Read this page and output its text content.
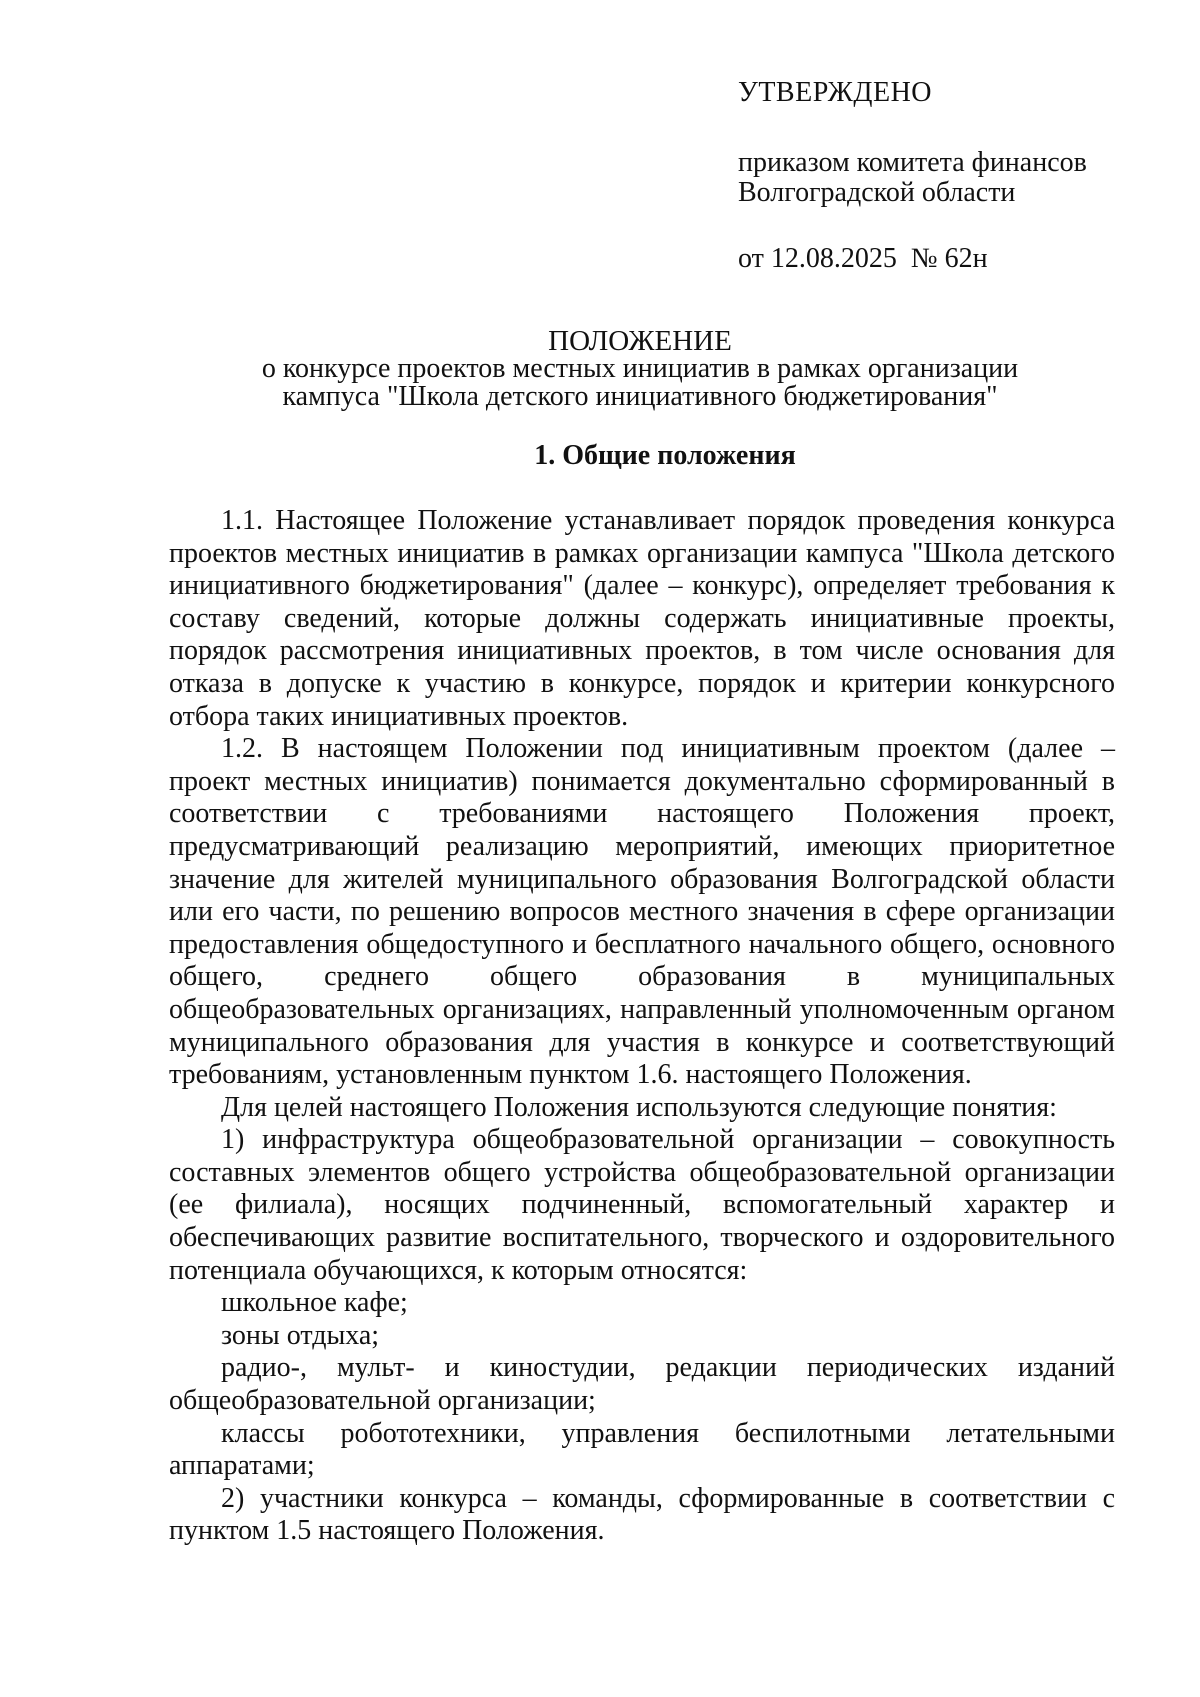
УТВЕРЖДЕНО

приказом комитета финансов
Волгоградской области

от 12.08.2025  № 62н

ПОЛОЖЕНИЕ
о конкурсе проектов местных инициатив в рамках организации
кампуса "Школа детского инициативного бюджетирования"
1. Общие положения

1.1. Настоящее Положение устанавливает порядок проведения конкурса проектов местных инициатив в рамках организации кампуса "Школа детского инициативного бюджетирования" (далее – конкурс), определяет требования к составу сведений, которые должны содержать инициативные проекты, порядок рассмотрения инициативных проектов, в том числе основания для отказа в допуске к участию в конкурсе, порядок и критерии конкурсного отбора таких инициативных проектов.

1.2. В настоящем Положении под инициативным проектом (далее – проект местных инициатив) понимается документально сформированный в соответствии с требованиями настоящего Положения проект, предусматривающий реализацию мероприятий, имеющих приоритетное значение для жителей муниципального образования Волгоградской области или его части, по решению вопросов местного значения в сфере организации предоставления общедоступного и бесплатного начального общего, основного общего, среднего общего образования в муниципальных общеобразовательных организациях, направленный уполномоченным органом муниципального образования для участия в конкурсе и соответствующий требованиям, установленным пунктом 1.6. настоящего Положения.

Для целей настоящего Положения используются следующие понятия:

1) инфраструктура общеобразовательной организации – совокупность составных элементов общего устройства общеобразовательной организации (ее филиала), носящих подчиненный, вспомогательный характер и обеспечивающих развитие воспитательного, творческого и оздоровительного потенциала обучающихся, к которым относятся:

школьное кафе;

зоны отдыха;

радио-, мульт- и киностудии, редакции периодических изданий общеобразовательной организации;

классы робототехники, управления беспилотными летательными аппаратами;

2) участники конкурса – команды, сформированные в соответствии с пунктом 1.5 настоящего Положения.
